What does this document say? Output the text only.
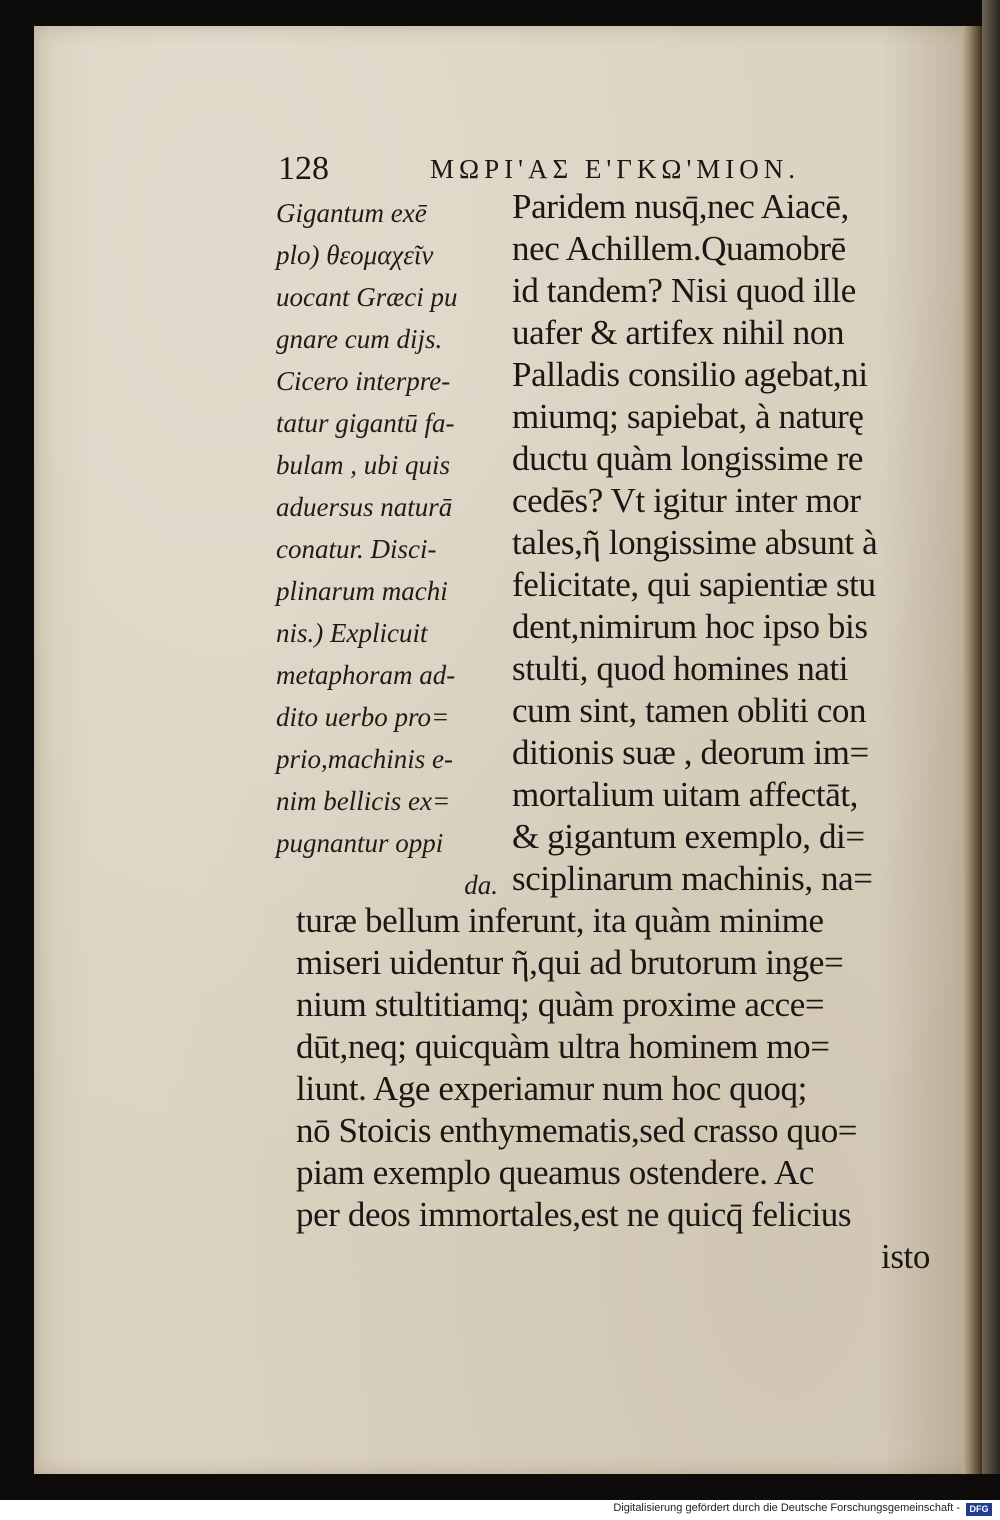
128	ΜΩΡΙ'ΑΣ Ε'ΓΚΩ'ΜΙΟΝ.
Gigantum exē
plo) θεομαχεῖν
uocant Græci pu
gnare cum dijs.
Cicero interpre-
tatur gigantū fa-
bulam , ubi quis
aduersus naturā
conatur. Disci-
plinarum machi
nis.) Explicuit
metaphoram ad-
dito uerbo pro=
prio,machinis e-
nim bellicis ex=
pugnantur oppi
da.
Paridem nusq̄,nec Aiacē,
nec Achillem.Quamobrē
id tandem? Nisi quod ille
uafer & artifex nihil non
Palladis consilio agebat,ni
miumq; sapiebat, à naturę
ductu quàm longissime re
cedēs? Vt igitur inter mor
tales,ῆ longissime absunt à
felicitate, qui sapientiæ stu
dent,nimirum hoc ipso bis
stulti, quod homines nati
cum sint, tamen obliti con
ditionis suæ , deorum im=
mortalium uitam affectāt,
& gigantum exemplo, di=
sciplinarum machinis, na=
turæ bellum inferunt, ita quàm minime
miseri uidentur ῆ,qui ad brutorum inge=
nium stultitiamq; quàm proxime acce=
dūt,neq; quicquàm ultra hominem mo=
liunt. Age experiamur num hoc quoq;
nō Stoicis enthymematis,sed crasso quo=
piam exemplo queamus ostendere. Ac
per deos immortales,est ne quicq̄ felicius
isto
Digitalisierung gefördert durch die Deutsche Forschungsgemeinschaft -	DFG
